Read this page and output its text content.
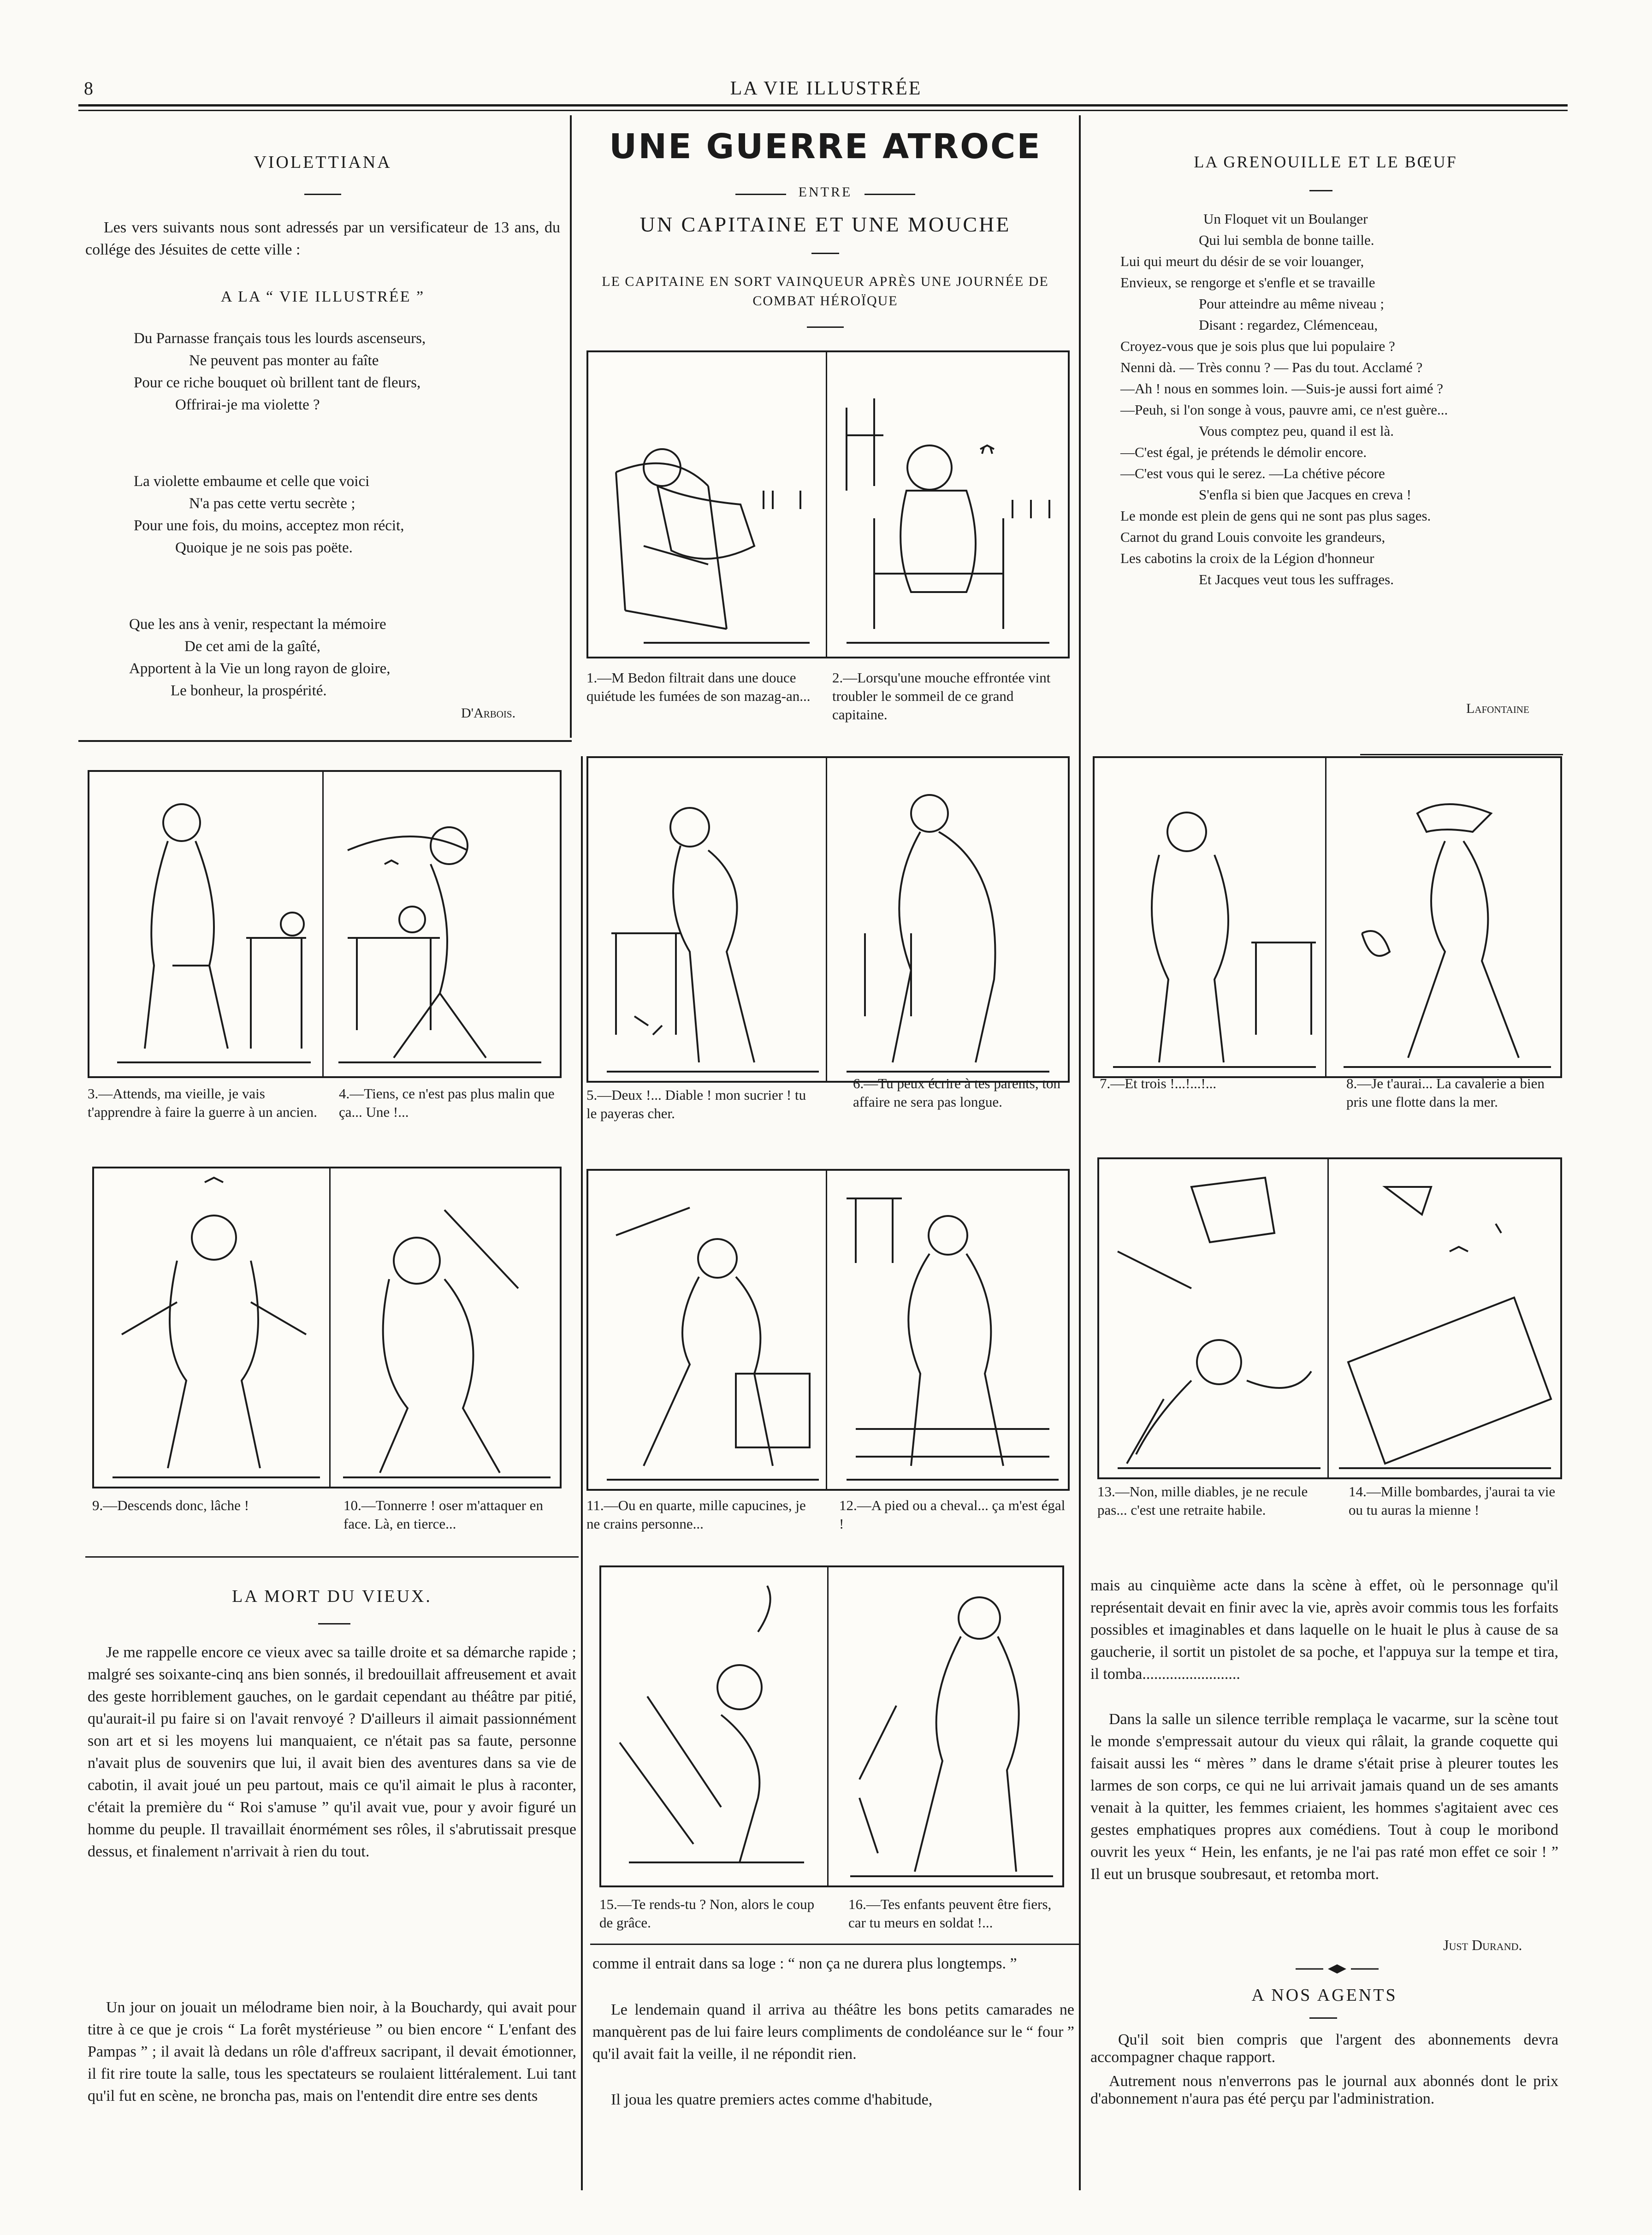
8	LA VIE ILLUSTRÉE
VIOLETTIANA
Les vers suivants nous sont adressés par un versificateur de 13 ans, du collége des Jésuites de cette ville :
A LA “ VIE ILLUSTRÉE ”
Du Parnasse français tous les lourds ascenseurs,
Ne peuvent pas monter au faîte
Pour ce riche bouquet où brillent tant de fleurs,
Offrirai-je ma violette ?
La violette embaume et celle que voici
N'a pas cette vertu secrète ;
Pour une fois, du moins, acceptez mon récit,
Quoique je ne sois pas poëte.
Que les ans à venir, respectant la mémoire
De cet ami de la gaîté,
Apportent à la Vie un long rayon de gloire,
Le bonheur, la prospérité.
D'Arbois.
UNE GUERRE ATROCE
ENTRE
UN CAPITAINE ET UNE MOUCHE
LE CAPITAINE EN SORT VAINQUEUR APRÈS UNE JOURNÉE DE COMBAT HÉROÏQUE
1.—M Bedon filtrait dans une douce quiétude les fumées de son mazag-an...
2.—Lorsqu'une mouche effrontée vint troubler le sommeil de ce grand capitaine.
3.—Attends, ma vieille, je vais t'apprendre à faire la guerre à un ancien.
4.—Tiens, ce n'est pas plus malin que ça... Une !...
5.—Deux !... Diable ! mon sucrier ! tu le payeras cher.
6.—Tu peux écrire à tes parents, ton affaire ne sera pas longue.
7.—Et trois !...!...!...	8.—Je t'aurai... La cavalerie a bien pris une flotte dans la mer.
9.—Descends donc, lâche !	10.—Tonnerre ! oser m'attaquer en face. Là, en tierce...
11.—Ou en quarte, mille capucines, je ne crains personne...
12.—A pied ou a cheval... ça m'est égal !
13.—Non, mille diables, je ne recule pas... c'est une retraite habile.
14.—Mille bombardes, j'aurai ta vie ou tu auras la mienne !
15.—Te rends-tu ? Non, alors le coup de grâce.
16.—Tes enfants peuvent être fiers, car tu meurs en soldat !...
LA GRENOUILLE ET LE BŒUF
Un Floquet vit un Boulanger
Qui lui sembla de bonne taille.
Lui qui meurt du désir de se voir louanger,
Envieux, se rengorge et s'enfle et se travaille
Pour atteindre au même niveau ;
Disant : regardez, Clémenceau,
Croyez-vous que je sois plus que lui populaire ?
Nenni dà. — Très connu ? — Pas du tout. Acclamé ?
—Ah ! nous en sommes loin. —Suis-je aussi fort aimé ?
—Peuh, si l'on songe à vous, pauvre ami, ce n'est guère...
Vous comptez peu, quand il est là.
—C'est égal, je prétends le démolir encore.
—C'est vous qui le serez. —La chétive pécore
S'enfla si bien que Jacques en creva !
Le monde est plein de gens qui ne sont pas plus sages.
Carnot du grand Louis convoite les grandeurs,
Les cabotins la croix de la Légion d'honneur
Et Jacques veut tous les suffrages.
Lafontaine
LA MORT DU VIEUX.
Je me rappelle encore ce vieux avec sa taille droite et sa démarche rapide ; malgré ses soixante-cinq ans bien sonnés, il bredouillait affreusement et avait des geste horriblement gauches, on le gardait cependant au théâtre par pitié, qu'aurait-il pu faire si on l'avait renvoyé ? D'ailleurs il aimait passionnément son art et si les moyens lui manquaient, ce n'était pas sa faute, personne n'avait plus de souvenirs que lui, il avait bien des aventures dans sa vie de cabotin, il avait joué un peu partout, mais ce qu'il aimait le plus à raconter, c'était la première du “ Roi s'amuse ” qu'il avait vue, pour y avoir figuré un homme du peuple. Il travaillait énormément ses rôles, il s'abrutissait presque dessus, et finalement n'arrivait à rien du tout.
Un jour on jouait un mélodrame bien noir, à la Bouchardy, qui avait pour titre à ce que je crois “ La forêt mystérieuse ” ou bien encore “ L'enfant des Pampas ” ; il avait là dedans un rôle d'affreux sacripant, il devait émotionner, il fit rire toute la salle, tous les spectateurs se roulaient littéralement. Lui tant qu'il fut en scène, ne broncha pas, mais on l'entendit dire entre ses dents
comme il entrait dans sa loge : “ non ça ne durera plus longtemps. ”
Le lendemain quand il arriva au théâtre les bons petits camarades ne manquèrent pas de lui faire leurs compliments de condoléance sur le “ four ” qu'il avait fait la veille, il ne répondit rien.
Il joua les quatre premiers actes comme d'habitude,
mais au cinquième acte dans la scène à effet, où le personnage qu'il représentait devait en finir avec la vie, après avoir commis tous les forfaits possibles et imaginables et dans laquelle on le huait le plus à cause de sa gaucherie, il sortit un pistolet de sa poche, et l'appuya sur la tempe et tira, il tomba.........................
Dans la salle un silence terrible remplaça le vacarme, sur la scène tout le monde s'empressait autour du vieux qui râlait, la grande coquette qui faisait aussi les “ mères ” dans le drame s'était prise à pleurer toutes les larmes de son corps, ce qui ne lui arrivait jamais quand un de ses amants venait à la quitter, les femmes criaient, les hommes s'agitaient avec ces gestes emphatiques propres aux comédiens. Tout à coup le moribond ouvrit les yeux “ Hein, les enfants, je ne l'ai pas raté mon effet ce soir ! ” Il eut un brusque soubresaut, et retomba mort.
Just Durand.
A NOS AGENTS
Qu'il soit bien compris que l'argent des abonnements devra accompagner chaque rapport.
Autrement nous n'enverrons pas le journal aux abonnés dont le prix d'abonnement n'aura pas été perçu par l'administration.
